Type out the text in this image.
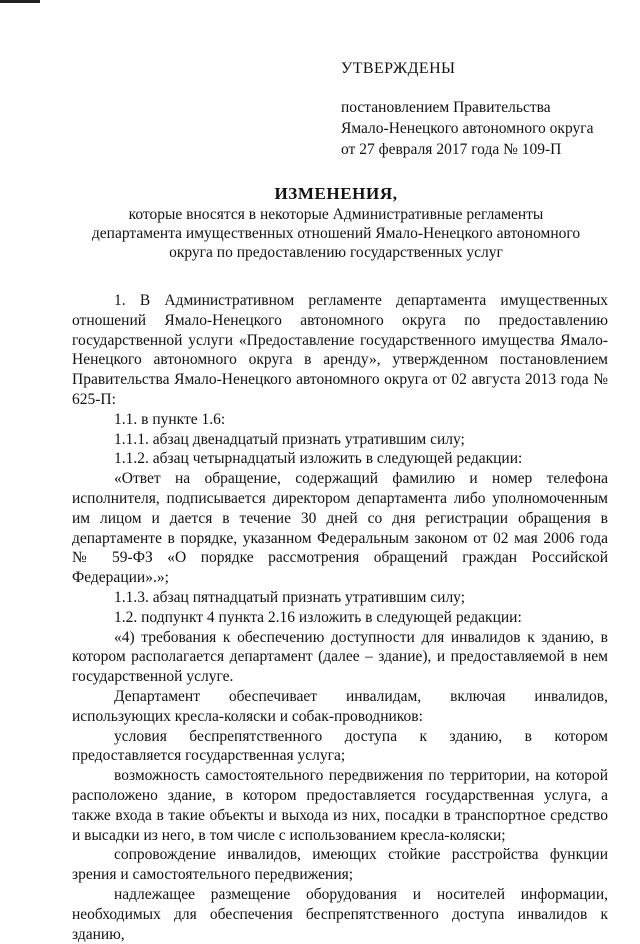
УТВЕРЖДЕНЫ
постановлением Правительства
Ямало-Ненецкого автономного округа
от 27 февраля 2017 года № 109-П
ИЗМЕНЕНИЯ,
которые вносятся в некоторые Административные регламенты
департамента имущественных отношений Ямало-Ненецкого автономного
округа по предоставлению государственных услуг

1. В Административном регламенте департамента имущественных отношений Ямало-Ненецкого автономного округа по предоставлению государственной услуги «Предоставление государственного имущества Ямало-Ненецкого автономного округа в аренду», утвержденном постановлением Правительства Ямало-Ненецкого автономного округа от 02 августа 2013 года № 625-П:

1.1. в пункте 1.6:

1.1.1. абзац двенадцатый признать утратившим силу;

1.1.2. абзац четырнадцатый изложить в следующей редакции:

«Ответ на обращение, содержащий фамилию и номер телефона исполнителя, подписывается директором департамента либо уполномоченным им лицом и дается в течение 30 дней со дня регистрации обращения в департаменте в порядке, указанном Федеральным законом от 02 мая 2006 года № 59-ФЗ «О порядке рассмотрения обращений граждан Российской Федерации».»;

1.1.3. абзац пятнадцатый признать утратившим силу;

1.2. подпункт 4 пункта 2.16 изложить в следующей редакции:

«4) требования к обеспечению доступности для инвалидов к зданию, в котором располагается департамент (далее – здание), и предоставляемой в нем государственной услуге.

Департамент обеспечивает инвалидам, включая инвалидов, использующих кресла-коляски и собак-проводников:

условия беспрепятственного доступа к зданию, в котором предоставляется государственная услуга;

возможность самостоятельного передвижения по территории, на которой расположено здание, в котором предоставляется государственная услуга, а также входа в такие объекты и выхода из них, посадки в транспортное средство и высадки из него, в том числе с использованием кресла-коляски;

сопровождение инвалидов, имеющих стойкие расстройства функции зрения и самостоятельного передвижения;

надлежащее размещение оборудования и носителей информации, необходимых для обеспечения беспрепятственного доступа инвалидов к зданию,
